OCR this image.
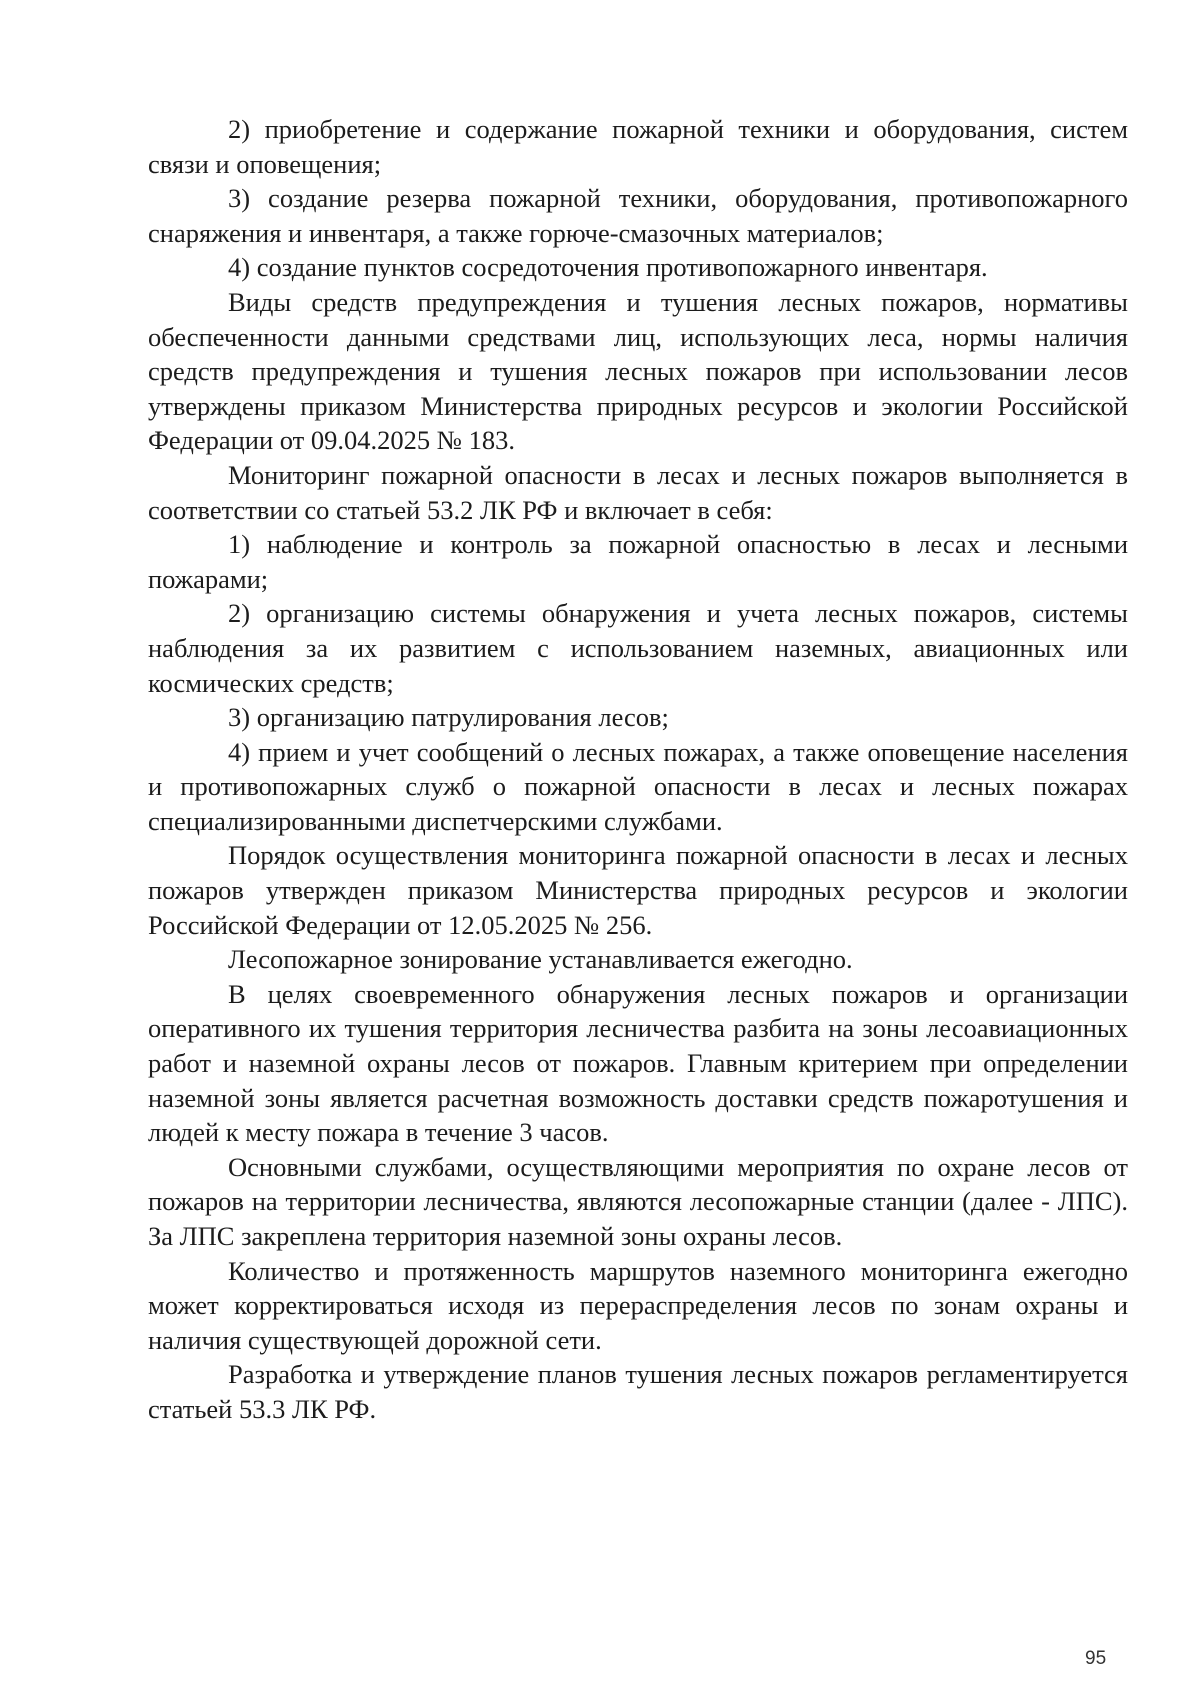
2) приобретение и содержание пожарной техники и оборудования, систем связи и оповещения;

3) создание резерва пожарной техники, оборудования, противопожарного снаряжения и инвентаря, а также горюче-смазочных материалов;

4) создание пунктов сосредоточения противопожарного инвентаря.

Виды средств предупреждения и тушения лесных пожаров, нормативы обеспеченности данными средствами лиц, использующих леса, нормы наличия средств предупреждения и тушения лесных пожаров при использовании лесов утверждены приказом Министерства природных ресурсов и экологии Российской Федерации от 09.04.2025 № 183.

Мониторинг пожарной опасности в лесах и лесных пожаров выполняется в соответствии со статьей 53.2 ЛК РФ и включает в себя:

1) наблюдение и контроль за пожарной опасностью в лесах и лесными пожарами;

2) организацию системы обнаружения и учета лесных пожаров, системы наблюдения за их развитием с использованием наземных, авиационных или космических средств;

3) организацию патрулирования лесов;

4) прием и учет сообщений о лесных пожарах, а также оповещение населения и противопожарных служб о пожарной опасности в лесах и лесных пожарах специализированными диспетчерскими службами.

Порядок осуществления мониторинга пожарной опасности в лесах и лесных пожаров утвержден приказом Министерства природных ресурсов и экологии Российской Федерации от 12.05.2025 № 256.

Лесопожарное зонирование устанавливается ежегодно.

В целях своевременного обнаружения лесных пожаров и организации оперативного их тушения территория лесничества разбита на зоны лесоавиационных работ и наземной охраны лесов от пожаров. Главным критерием при определении наземной зоны является расчетная возможность доставки средств пожаротушения и людей к месту пожара в течение 3 часов.

Основными службами, осуществляющими мероприятия по охране лесов от пожаров на территории лесничества, являются лесопожарные станции (далее - ЛПС). За ЛПС закреплена территория наземной зоны охраны лесов.

Количество и протяженность маршрутов наземного мониторинга ежегодно может корректироваться исходя из перераспределения лесов по зонам охраны и наличия существующей дорожной сети.

Разработка и утверждение планов тушения лесных пожаров регламентируется статьей 53.3 ЛК РФ.

95
